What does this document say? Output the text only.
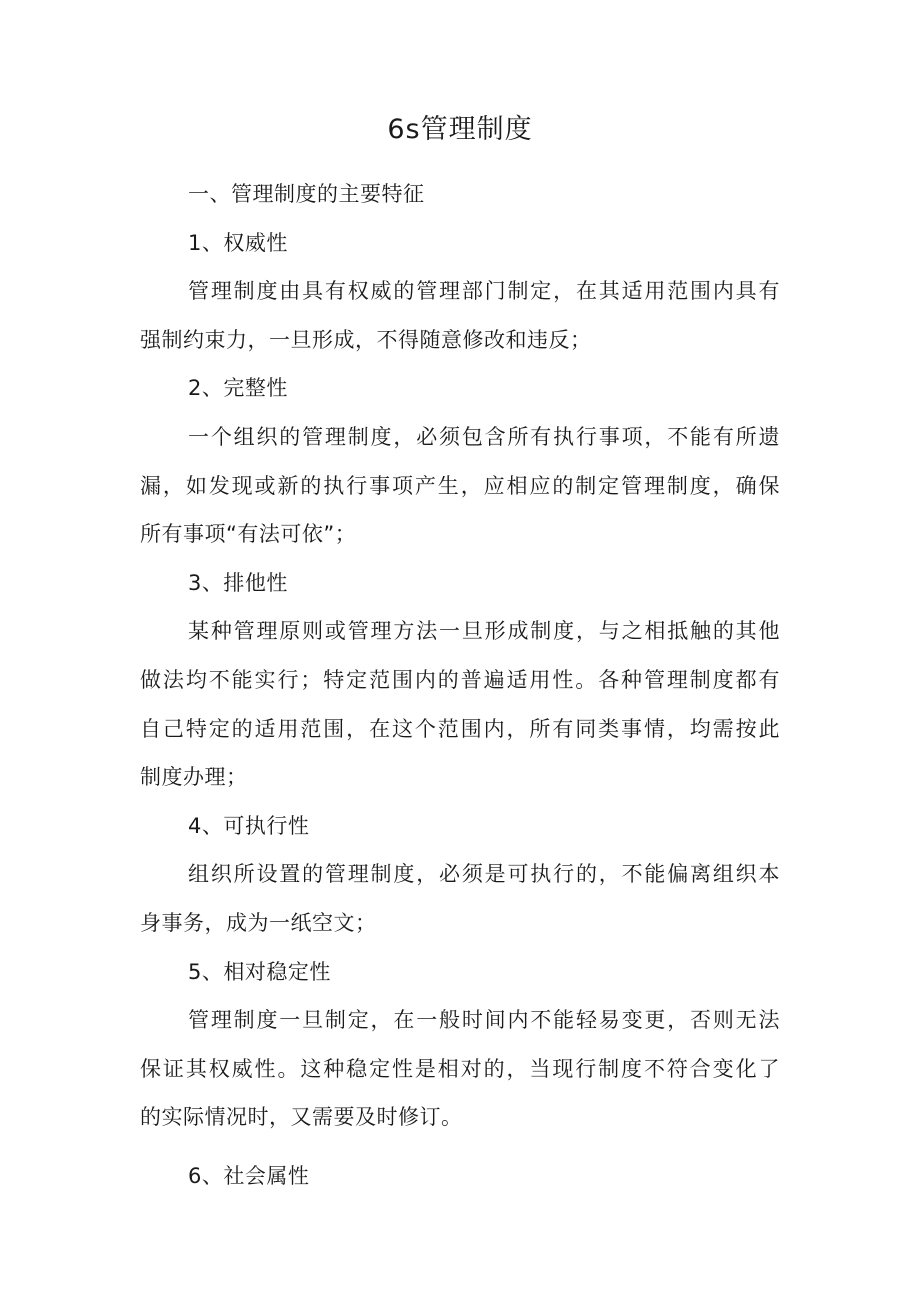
6s管理制度
一、管理制度的主要特征
1、权威性
管理制度由具有权威的管理部门制定，在其适用范围内具有
强制约束力，一旦形成，不得随意修改和违反；
2、完整性
一个组织的管理制度，必须包含所有执行事项，不能有所遗
漏，如发现或新的执行事项产生，应相应的制定管理制度，确保
所有事项“有法可依”；
3、排他性
某种管理原则或管理方法一旦形成制度，与之相抵触的其他
做法均不能实行；特定范围内的普遍适用性。各种管理制度都有
自己特定的适用范围，在这个范围内，所有同类事情，均需按此
制度办理；
4、可执行性
组织所设置的管理制度，必须是可执行的，不能偏离组织本
身事务，成为一纸空文；
5、相对稳定性
管理制度一旦制定，在一般时间内不能轻易变更，否则无法
保证其权威性。这种稳定性是相对的，当现行制度不符合变化了
的实际情况时，又需要及时修订。
6、社会属性
